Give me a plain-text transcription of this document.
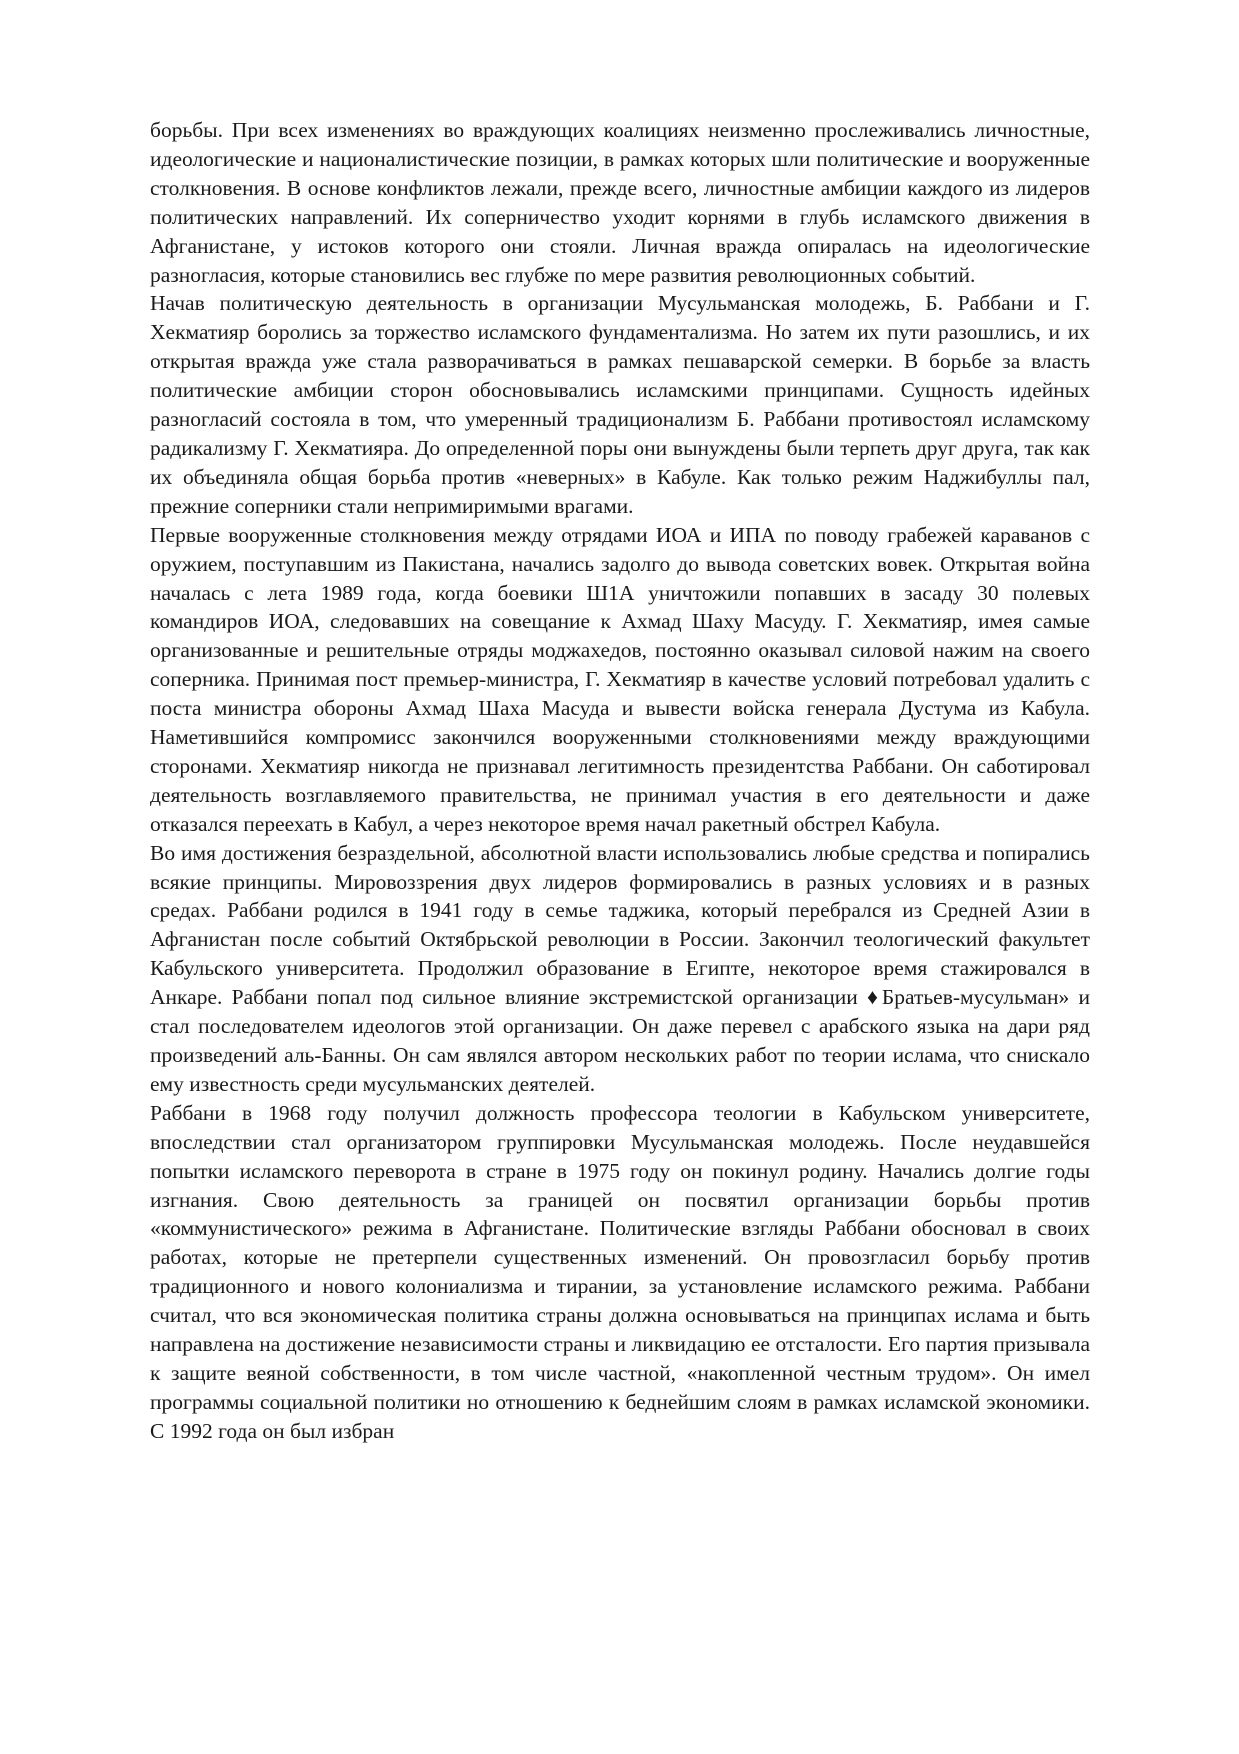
борьбы. При всех изменениях во враждующих коалициях неизменно прослеживались личностные, идеологические и националистические позиции, в рамках которых шли политические и вооруженные столкновения. В основе конфликтов лежали, прежде всего, личностные амбиции каждого из лидеров политических направлений. Их соперничество уходит корнями в глубь исламского движения в Афганистане, у истоков которого они стояли. Личная вражда опиралась на идеологические разногласия, которые становились вес глубже по мере развития революционных событий.

Начав политическую деятельность в организации Мусульманская молодежь, Б. Раббани и Г. Хекматияр боролись за торжество исламского фундаментализма. Но затем их пути разошлись, и их открытая вражда уже стала разворачиваться в рамках пешаварской семерки. В борьбе за власть политические амбиции сторон обосновывались исламскими принципами. Сущность идейных разногласий состояла в том, что умеренный традиционализм Б. Раббани противостоял исламскому радикализму Г. Хекматияра. До определенной поры они вынуждены были терпеть друг друга, так как их объединяла общая борьба против «неверных» в Кабуле. Как только режим Наджибуллы пал, прежние соперники стали непримиримыми врагами.

Первые вооруженные столкновения между отрядами ИОА и ИПА по поводу грабежей караванов с оружием, поступавшим из Пакистана, начались задолго до вывода советских вовек. Открытая война началась с лета 1989 года, когда боевики Ш1А уничтожили попавших в засаду 30 полевых командиров ИОА, следовавших на совещание к Ахмад Шаху Масуду. Г. Хекматияр, имея самые организованные и решительные отряды моджахедов, постоянно оказывал силовой нажим на своего соперника. Принимая пост премьер-министра, Г. Хекматияр в качестве условий потребовал удалить с поста министра обороны Ахмад Шаха Масуда и вывести войска генерала Дустума из Кабула. Наметившийся компромисс закончился вооруженными столкновениями между враждующими сторонами. Хекматияр никогда не признавал легитимность президентства Раббани. Он саботировал деятельность возглавляемого правительства, не принимал участия в его деятельности и даже отказался переехать в Кабул, а через некоторое время начал ракетный обстрел Кабула.

Во имя достижения безраздельной, абсолютной власти использовались любые средства и попирались всякие принципы. Мировоззрения двух лидеров формировались в разных условиях и в разных средах. Раббани родился в 1941 году в семье таджика, который перебрался из Средней Азии в Афганистан после событий Октябрьской революции в России. Закончил теологический факультет Кабульского университета. Продолжил образование в Египте, некоторое время стажировался в Анкаре. Раббани попал под сильное влияние экстремистской организации ♦Братьев-мусульман» и стал последователем идеологов этой организации. Он даже перевел с арабского языка на дари ряд произведений аль-Банны. Он сам являлся автором нескольких работ по теории ислама, что снискало ему известность среди мусульманских деятелей.

Раббани в 1968 году получил должность профессора теологии в Кабульском университете, впоследствии стал организатором группировки Мусульманская молодежь. После неудавшейся попытки исламского переворота в стране в 1975 году он покинул родину. Начались долгие годы изгнания. Свою деятельность за границей он посвятил организации борьбы против «коммунистического» режима в Афганистане. Политические взгляды Раббани обосновал в своих работах, которые не претерпели существенных изменений. Он провозгласил борьбу против традиционного и нового колониализма и тирании, за установление исламского режима. Раббани считал, что вся экономическая политика страны должна основываться на принципах ислама и быть направлена на достижение независимости страны и ликвидацию ее отсталости. Его партия призывала к защите веяной собственности, в том числе частной, «накопленной честным трудом». Он имел программы социальной политики но отношению к беднейшим слоям в рамках исламской экономики. С 1992 года он был избран
